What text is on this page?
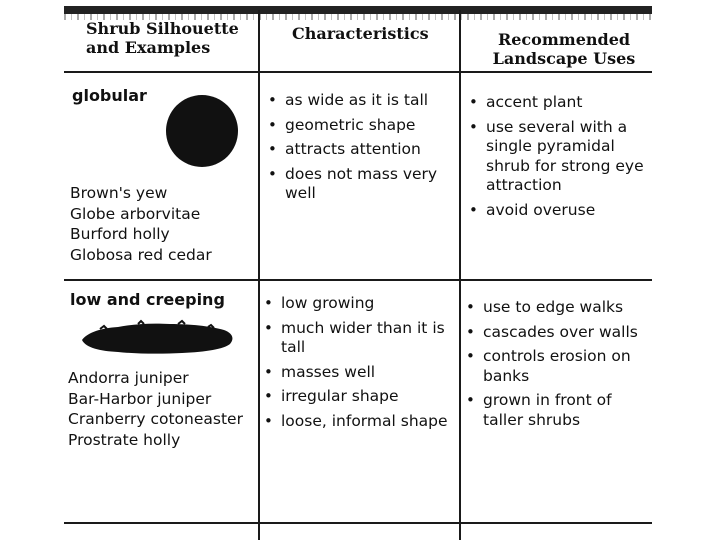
Shrub Silhouette
and Examples
Characteristics	Recommended
Landscape Uses
globular
Brown's yew
Globe arborvitae
Burford holly
Globosa red cedar
• as wide as it is tall
• geometric shape
• attracts attention
• does not mass very well
• accent plant
• use several with a single pyramidal shrub for strong eye attraction
• avoid overuse
low and creeping
Andorra juniper
Bar-Harbor juniper
Cranberry cotoneaster
Prostrate holly
• low growing
• much wider than it is tall
• masses well
• irregular shape
• loose, informal shape
• use to edge walks
• cascades over walls
• controls erosion on banks
• grown in front of taller shrubs
